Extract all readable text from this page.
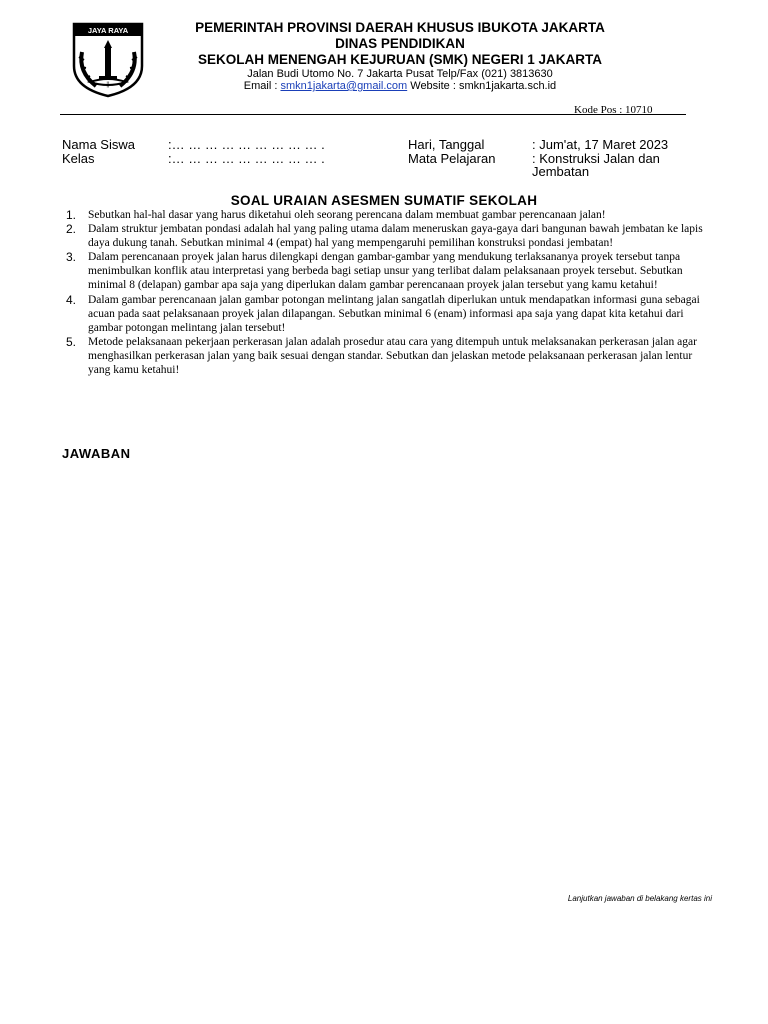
JAYA RAYA
-||-
PEMERINTAH PROVINSI DAERAH KHUSUS IBUKOTA JAKARTA
DINAS PENDIDIKAN
SEKOLAH MENENGAH KEJURUAN (SMK) NEGERI 1 JAKARTA
Jalan Budi Utomo No. 7 Jakarta Pusat Telp/Fax (021) 3813630
Email : smkn1jakarta@gmail.com Website : smkn1jakarta.sch.id
Kode Pos : 10710
Nama Siswa	:… … … … … … … … … .
Kelas	:… … … … … … … … … .
Hari, Tanggal	: Jum'at, 17 Maret 2023
Mata Pelajaran	: Konstruksi Jalan dan
Jembatan
SOAL URAIAN ASESMEN SUMATIF SEKOLAH
1. Sebutkan hal-hal dasar yang harus diketahui oleh seorang perencana dalam membuat gambar perencanaan jalan!
2. Dalam struktur jembatan pondasi adalah hal yang paling utama dalam meneruskan gaya-gaya dari bangunan bawah jembatan ke lapis daya dukung tanah. Sebutkan minimal 4 (empat) hal yang mempengaruhi pemilihan konstruksi pondasi jembatan!
3. Dalam perencanaan proyek jalan harus dilengkapi dengan gambar-gambar yang mendukung terlaksananya proyek tersebut tanpa menimbulkan konflik atau interpretasi yang berbeda bagi setiap unsur yang terlibat dalam pelaksanaan proyek tersebut. Sebutkan minimal 8 (delapan) gambar apa saja yang diperlukan dalam gambar perencanaan proyek jalan tersebut yang kamu ketahui!
4. Dalam gambar perencanaan jalan gambar potongan melintang jalan sangatlah diperlukan untuk mendapatkan informasi guna sebagai acuan pada saat pelaksanaan proyek jalan dilapangan. Sebutkan minimal 6 (enam) informasi apa saja yang dapat kita ketahui dari gambar potongan melintang jalan tersebut!
5. Metode pelaksanaan pekerjaan perkerasan jalan adalah prosedur atau cara yang ditempuh untuk melaksanakan perkerasan jalan agar menghasilkan perkerasan jalan yang baik sesuai dengan standar. Sebutkan dan jelaskan metode pelaksanaan perkerasan jalan lentur yang kamu ketahui!
JAWABAN
Lanjutkan jawaban di belakang kertas ini
